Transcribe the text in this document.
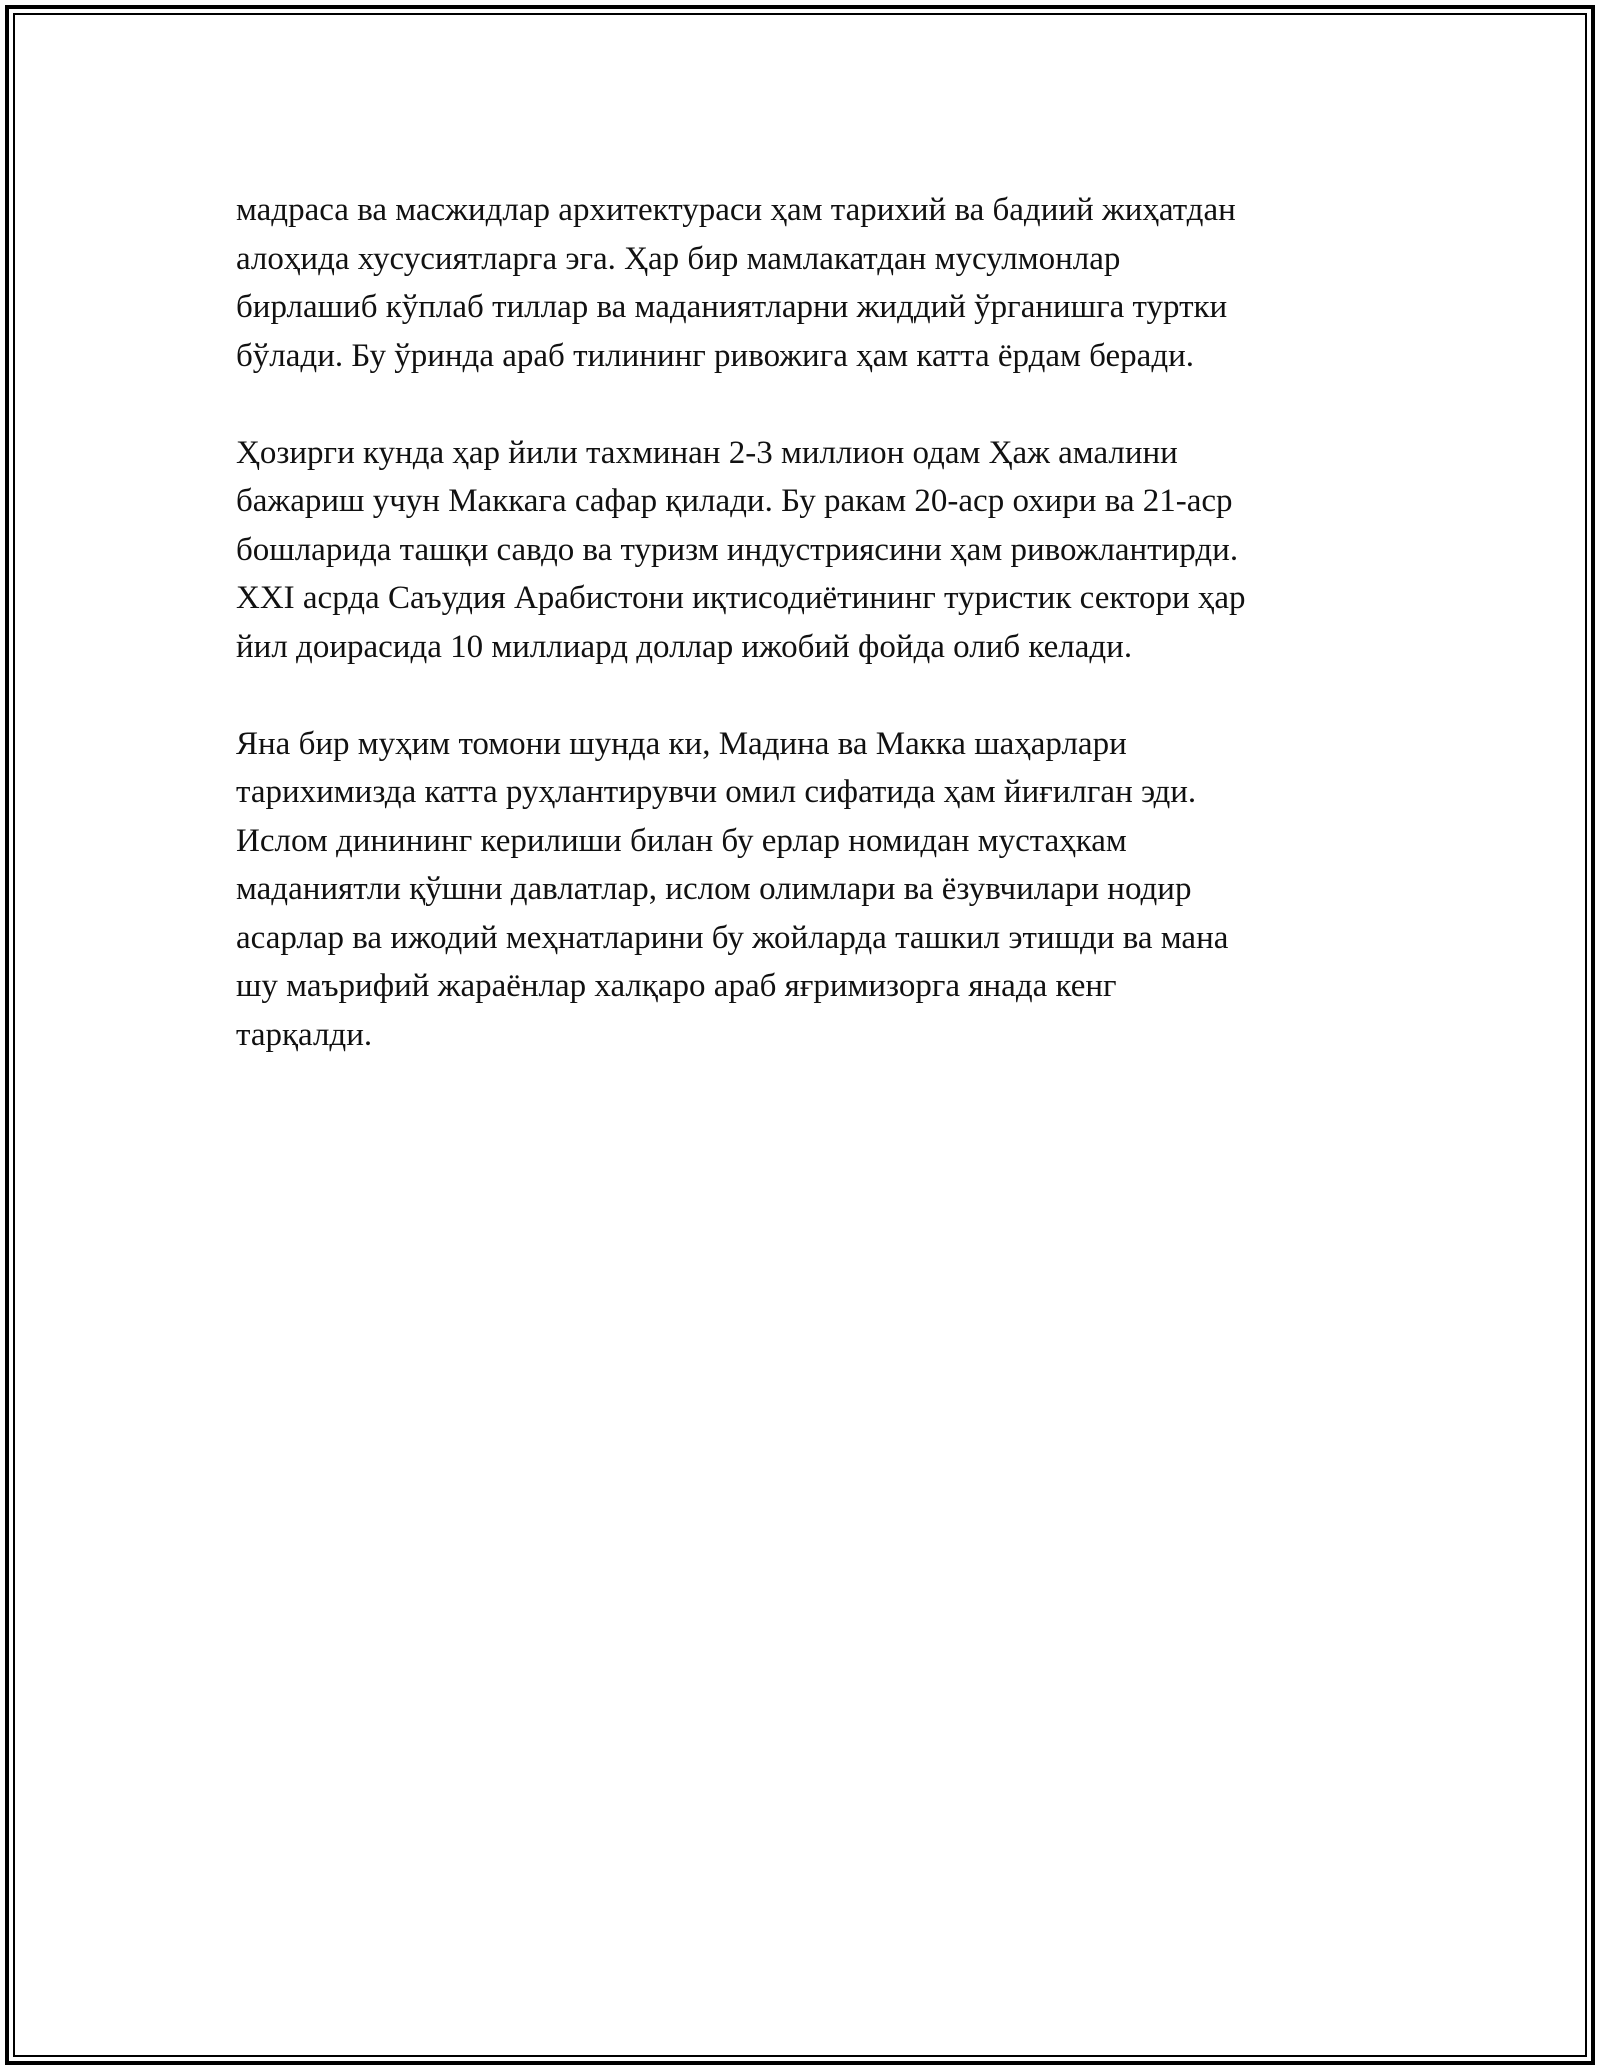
мадраса ва масжидлар архитектураси ҳам тарихий ва бадиий жиҳатдан
алоҳида хусусиятларга эга. Ҳар бир мамлакатдан мусулмонлар
бирлашиб кўплаб тиллар ва маданиятларни жиддий ўрганишга туртки
бўлади. Бу ўринда араб тилининг ривожига ҳам катта ёрдам беради.

Ҳозирги кунда ҳар йили тахминан 2-3 миллион одам Ҳаж амалини
бажариш учун Маккага сафар қилади. Бу ракам 20-аср охири ва 21-аср
бошларида ташқи савдо ва туризм индустриясини ҳам ривожлантирди.
XXI асрда Саъудия Арабистони иқтисодиётининг туристик сектори ҳар
йил доирасида 10 миллиард доллар ижобий фойда олиб келади.

Яна бир муҳим томони шунда ки, Мадина ва Макка шаҳарлари
тарихимизда катта руҳлантирувчи омил сифатида ҳам йиғилган эди.
Ислом динининг керилиши билан бу ерлар номидан мустаҳкам
маданиятли қўшни давлатлар, ислом олимлари ва ёзувчилари нодир
асарлар ва ижодий меҳнатларини бу жойларда ташкил этишди ва мана
шу маърифий жараёнлар халқаро араб яғримизорга янада кенг
тарқалди.
